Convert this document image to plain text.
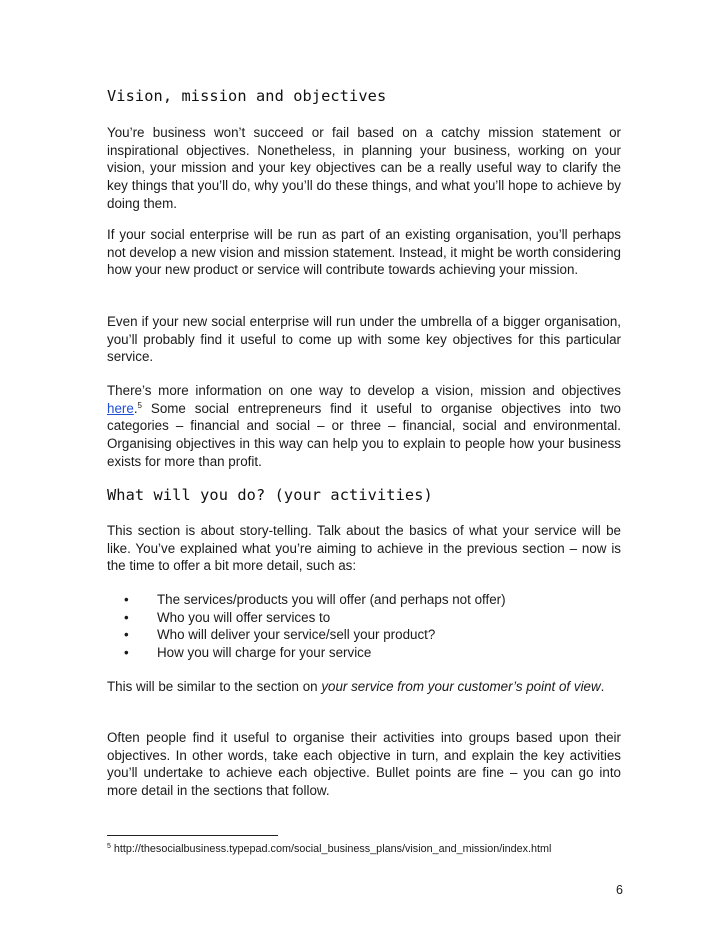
Vision, mission and objectives

You’re business won’t succeed or fail based on a catchy mission statement or inspirational objectives. Nonetheless, in planning your business, working on your vision, your mission and your key objectives can be a really useful way to clarify the key things that you’ll do, why you’ll do these things, and what you’ll hope to achieve by doing them.

If your social enterprise will be run as part of an existing organisation, you’ll perhaps not develop a new vision and mission statement. Instead, it might be worth considering how your new product or service will contribute towards achieving your mission.

Even if your new social enterprise will run under the umbrella of a bigger organisation, you’ll probably find it useful to come up with some key objectives for this particular service.

There’s more information on one way to develop a vision, mission and objectives here.$^5$ Some social entrepreneurs find it useful to organise objectives into two categories – financial and social – or three – financial, social and environmental. Organising objectives in this way can help you to explain to people how your business exists for more than profit.

What will you do? (your activities)

This section is about story-telling. Talk about the basics of what your service will be like. You’ve explained what you’re aiming to achieve in the previous section – now is the time to offer a bit more detail, such as:

• The services/products you will offer (and perhaps not offer)
• Who you will offer services to
• Who will deliver your service/sell your product?
• How you will charge for your service

This will be similar to the section on your service from your customer’s point of view.

Often people find it useful to organise their activities into groups based upon their objectives. In other words, take each objective in turn, and explain the key activities you’ll undertake to achieve each objective. Bullet points are fine – you can go into more detail in the sections that follow.

$^5$ http://thesocialbusiness.typepad.com/social_business_plans/vision_and_mission/index.html
6
